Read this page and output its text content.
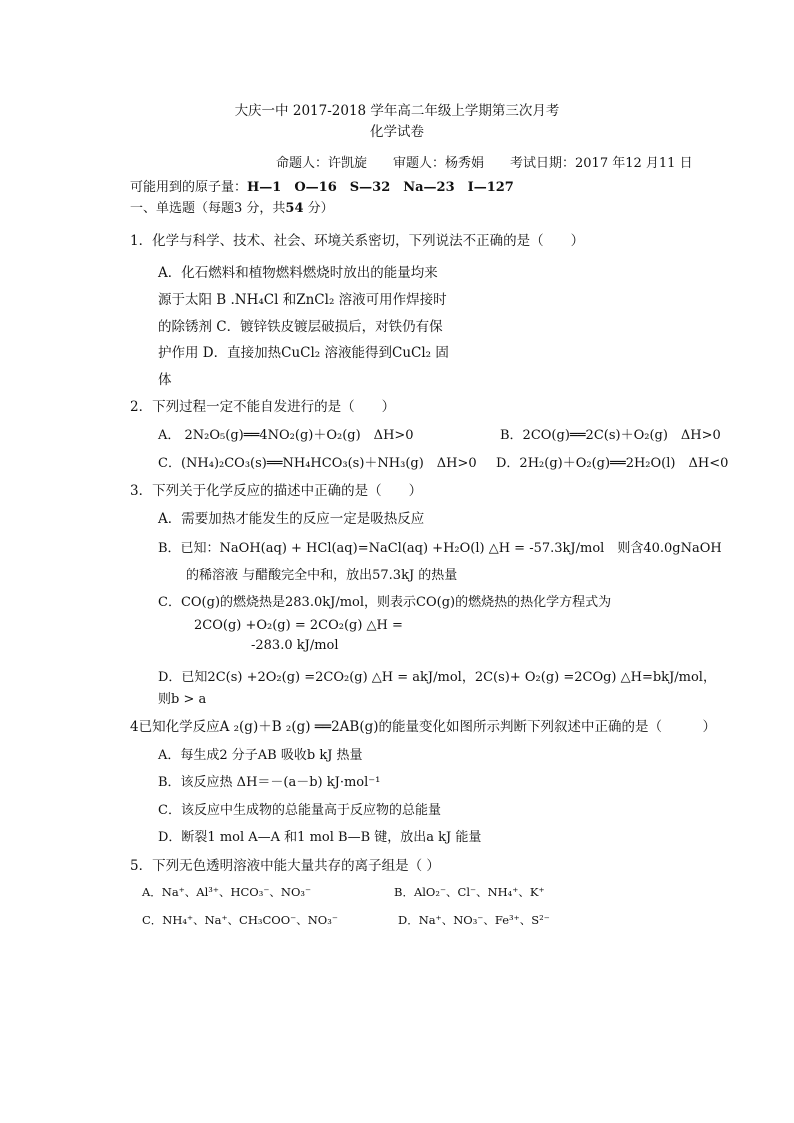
大庆一中 2017-2018 学年高二年级上学期第三次月考
化学试卷
命题人：许凯旋　　审题人：杨秀娟　　考试日期：2017 年12 月11 日
可能用到的原子量：H—1　O—16　S—32　Na—23　I—127
一、单选题（每题3 分，共54 分）
1．化学与科学、技术、社会、环境关系密切，下列说法不正确的是（　　）
A．化石燃料和植物燃料燃烧时放出的能量均来
源于太阳 B .NH₄Cl 和ZnCl₂ 溶液可用作焊接时
的除锈剂 C．镀锌铁皮镀层破损后，对铁仍有保
护作用 D．直接加热CuCl₂ 溶液能得到CuCl₂ 固
体
2．下列过程一定不能自发进行的是（　　）
A． 2N₂O₅(g)══4NO₂(g)＋O₂(g)　ΔH>0	B．2CO(g)══2C(s)＋O₂(g)　ΔH>0
C．(NH₄)₂CO₃(s)══NH₄HCO₃(s)＋NH₃(g)　ΔH>0 D．2H₂(g)＋O₂(g)══2H₂O(l)　ΔH<0
3．下列关于化学反应的描述中正确的是（　　）
A．需要加热才能发生的反应一定是吸热反应
B．已知：NaOH(aq) + HCl(aq)=NaCl(aq) +H₂O(l) △H = -57.3kJ/mol　则含40.0gNaOH
的稀溶液 与醋酸完全中和，放出57.3kJ 的热量
C．CO(g)的燃烧热是283.0kJ/mol，则表示CO(g)的燃烧热的热化学方程式为
2CO(g) +O₂(g) = 2CO₂(g) △H =
-283.0 kJ/mol
D．已知2C(s) +2O₂(g) =2CO₂(g) △H = akJ/mol，2C(s)+ O₂(g) =2COg) △H=bkJ/mol，
则b > a
4已知化学反应A ₂(g)＋B ₂(g) ══2AB(g)的能量变化如图所示判断下列叙述中正确的是（　　　）
A．每生成2 分子AB 吸收b kJ 热量
B．该反应热 ΔH＝－(a－b) kJ·mol⁻¹
C．该反应中生成物的总能量高于反应物的总能量
D．断裂1 mol A—A 和1 mol B—B 键，放出a kJ 能量
5．下列无色透明溶液中能大量共存的离子组是（ ）
A．Na⁺、Al³⁺、HCO₃⁻、NO₃⁻	B．AlO₂⁻、Cl⁻、NH₄⁺、K⁺
C．NH₄⁺、Na⁺、CH₃COO⁻、NO₃⁻	D．Na⁺、NO₃⁻、Fe³⁺、S²⁻
